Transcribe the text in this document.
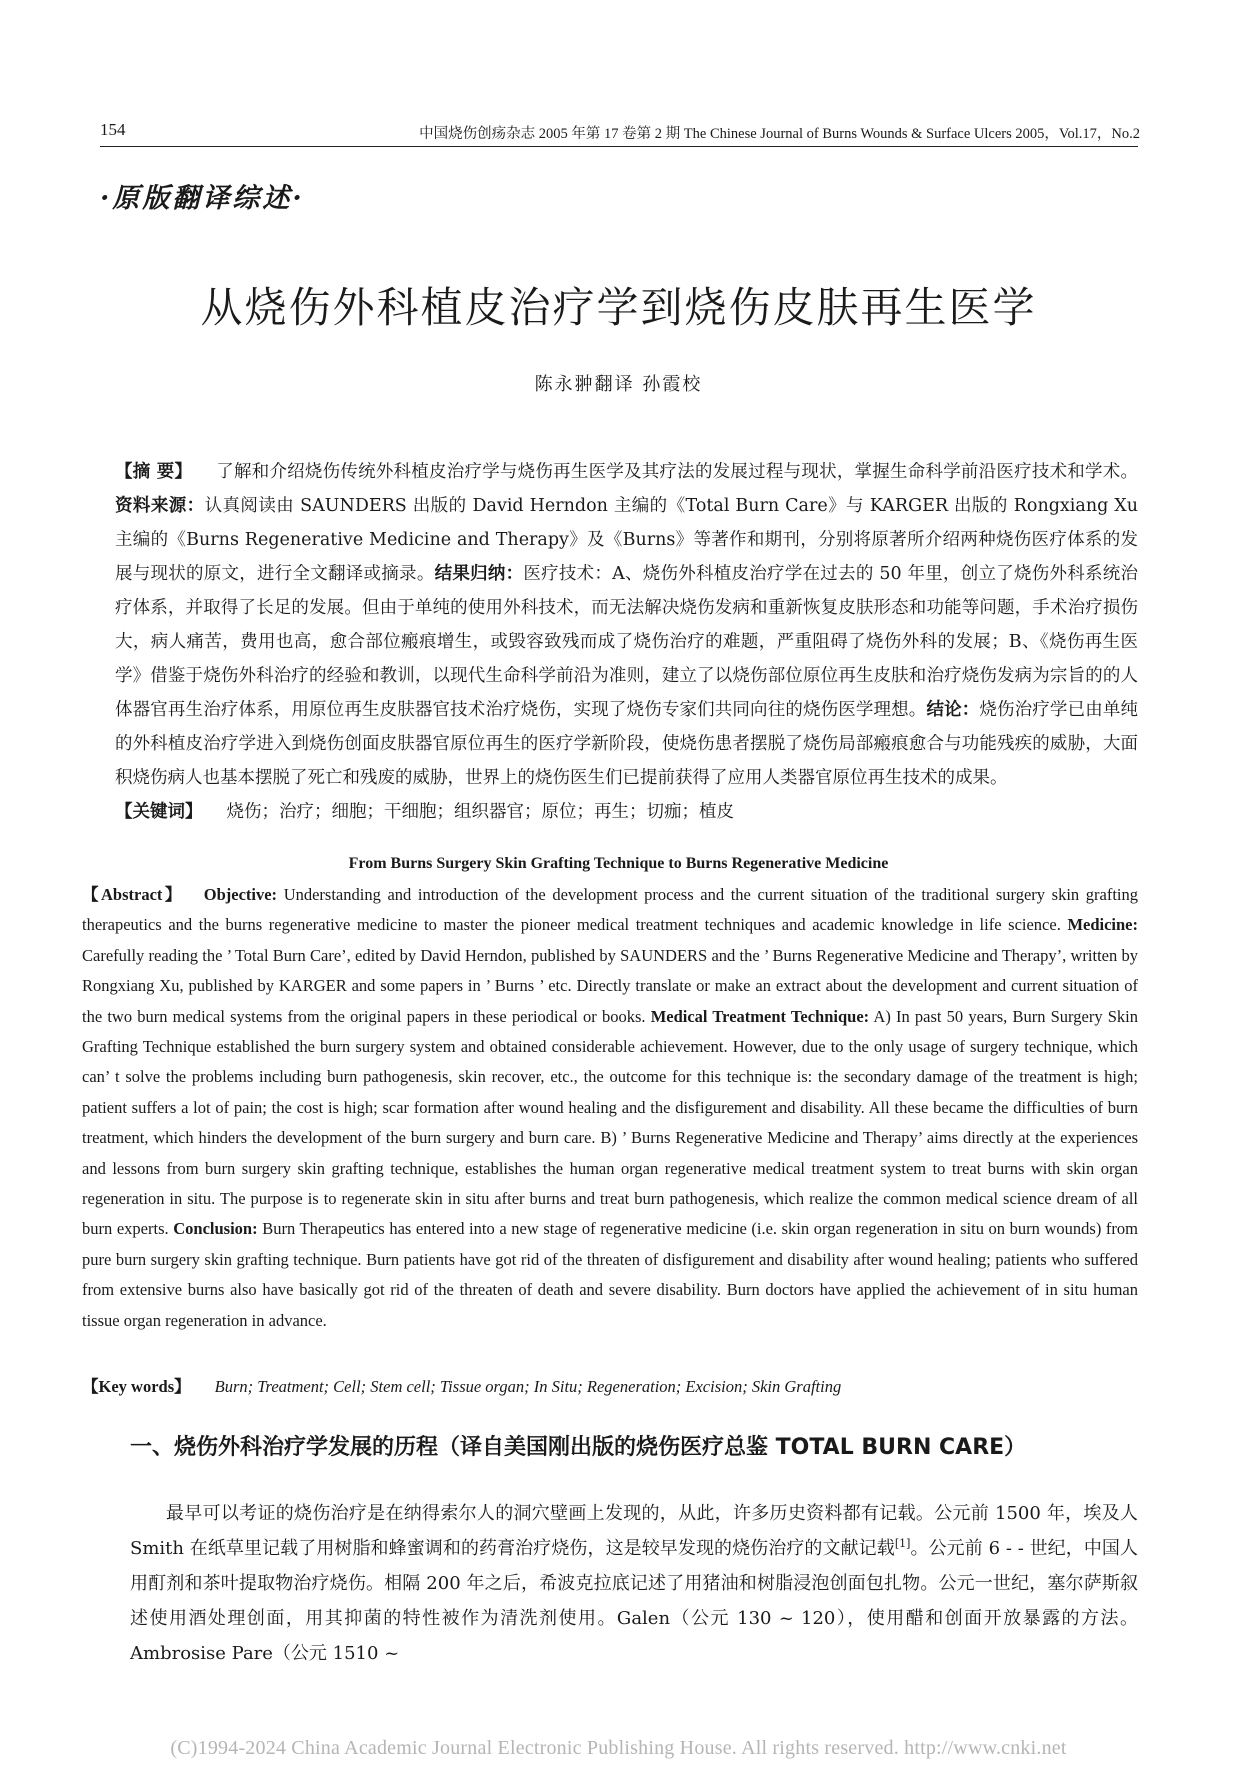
154	中国烧伤创疡杂志 2005 年第 17 卷第 2 期 The Chinese Journal of Burns Wounds & Surface Ulcers 2005，Vol.17，No.2
·原版翻译综述·
从烧伤外科植皮治疗学到烧伤皮肤再生医学
陈永翀翻译 孙霞校

【摘 要】 了解和介绍烧伤传统外科植皮治疗学与烧伤再生医学及其疗法的发展过程与现状，掌握生命科学前沿医疗技术和学术。资料来源：认真阅读由 SAUNDERS 出版的 David Herndon 主编的《Total Burn Care》与 KARGER 出版的 Rongxiang Xu 主编的《Burns Regenerative Medicine and Therapy》及《Burns》等著作和期刊，分别将原著所介绍两种烧伤医疗体系的发展与现状的原文，进行全文翻译或摘录。结果归纳：医疗技术：A、烧伤外科植皮治疗学在过去的 50 年里，创立了烧伤外科系统治疗体系，并取得了长足的发展。但由于单纯的使用外科技术，而无法解决烧伤发病和重新恢复皮肤形态和功能等问题，手术治疗损伤大，病人痛苦，费用也高，愈合部位瘢痕增生，或毁容致残而成了烧伤治疗的难题，严重阻碍了烧伤外科的发展；B、《烧伤再生医学》借鉴于烧伤外科治疗的经验和教训，以现代生命科学前沿为准则，建立了以烧伤部位原位再生皮肤和治疗烧伤发病为宗旨的的人体器官再生治疗体系，用原位再生皮肤器官技术治疗烧伤，实现了烧伤专家们共同向往的烧伤医学理想。结论：烧伤治疗学已由单纯的外科植皮治疗学进入到烧伤创面皮肤器官原位再生的医疗学新阶段，使烧伤患者摆脱了烧伤局部瘢痕愈合与功能残疾的威胁，大面积烧伤病人也基本摆脱了死亡和残废的威胁，世界上的烧伤医生们已提前获得了应用人类器官原位再生技术的成果。

【关键词】 烧伤；治疗；细胞；干细胞；组织器官；原位；再生；切痂；植皮

From Burns Surgery Skin Grafting Technique to Burns Regenerative Medicine

【Abstract】 Objective: Understanding and introduction of the development process and the current situation of the traditional surgery skin grafting therapeutics and the burns regenerative medicine to master the pioneer medical treatment techniques and academic knowledge in life science. Medicine: Carefully reading the ’ Total Burn Care’, edited by David Herndon, published by SAUNDERS and the ’ Burns Regenerative Medicine and Therapy’, written by Rongxiang Xu, published by KARGER and some papers in ’ Burns ’ etc. Directly translate or make an extract about the development and current situation of the two burn medical systems from the original papers in these periodical or books. Medical Treatment Technique: A) In past 50 years, Burn Surgery Skin Grafting Technique established the burn surgery system and obtained considerable achievement. However, due to the only usage of surgery technique, which can’ t solve the problems including burn pathogenesis, skin recover, etc., the outcome for this technique is: the secondary damage of the treatment is high; patient suffers a lot of pain; the cost is high; scar formation after wound healing and the disfigurement and disability. All these became the difficulties of burn treatment, which hinders the development of the burn surgery and burn care. B) ’ Burns Regenerative Medicine and Therapy’ aims directly at the experiences and lessons from burn surgery skin grafting technique, establishes the human organ regenerative medical treatment system to treat burns with skin organ regeneration in situ. The purpose is to regenerate skin in situ after burns and treat burn pathogenesis, which realize the common medical science dream of all burn experts. Conclusion: Burn Therapeutics has entered into a new stage of regenerative medicine (i.e. skin organ regeneration in situ on burn wounds) from pure burn surgery skin grafting technique. Burn patients have got rid of the threaten of disfigurement and disability after wound healing; patients who suffered from extensive burns also have basically got rid of the threaten of death and severe disability. Burn doctors have applied the achievement of in situ human tissue organ regeneration in advance.

【Key words】 Burn; Treatment; Cell; Stem cell; Tissue organ; In Situ; Regeneration; Excision; Skin Grafting

一、烧伤外科治疗学发展的历程（译自美国刚出版的烧伤医疗总鉴 TOTAL BURN CARE）

最早可以考证的烧伤治疗是在纳得索尔人的洞穴壁画上发现的，从此，许多历史资料都有记载。公元前 1500 年，埃及人 Smith 在纸草里记载了用树脂和蜂蜜调和的药膏治疗烧伤，这是较早发现的烧伤治疗的文献记载[1]。公元前 6 - - 世纪，中国人用酊剂和茶叶提取物治疗烧伤。相隔 200 年之后，希波克拉底记述了用猪油和树脂浸泡创面包扎物。公元一世纪，塞尔萨斯叙述使用酒处理创面，用其抑菌的特性被作为清洗剂使用。Galen（公元 130 ~ 120），使用醋和创面开放暴露的方法。Ambrosise Pare（公元 1510 ~

(C)1994-2024 China Academic Journal Electronic Publishing House. All rights reserved. http://www.cnki.net
